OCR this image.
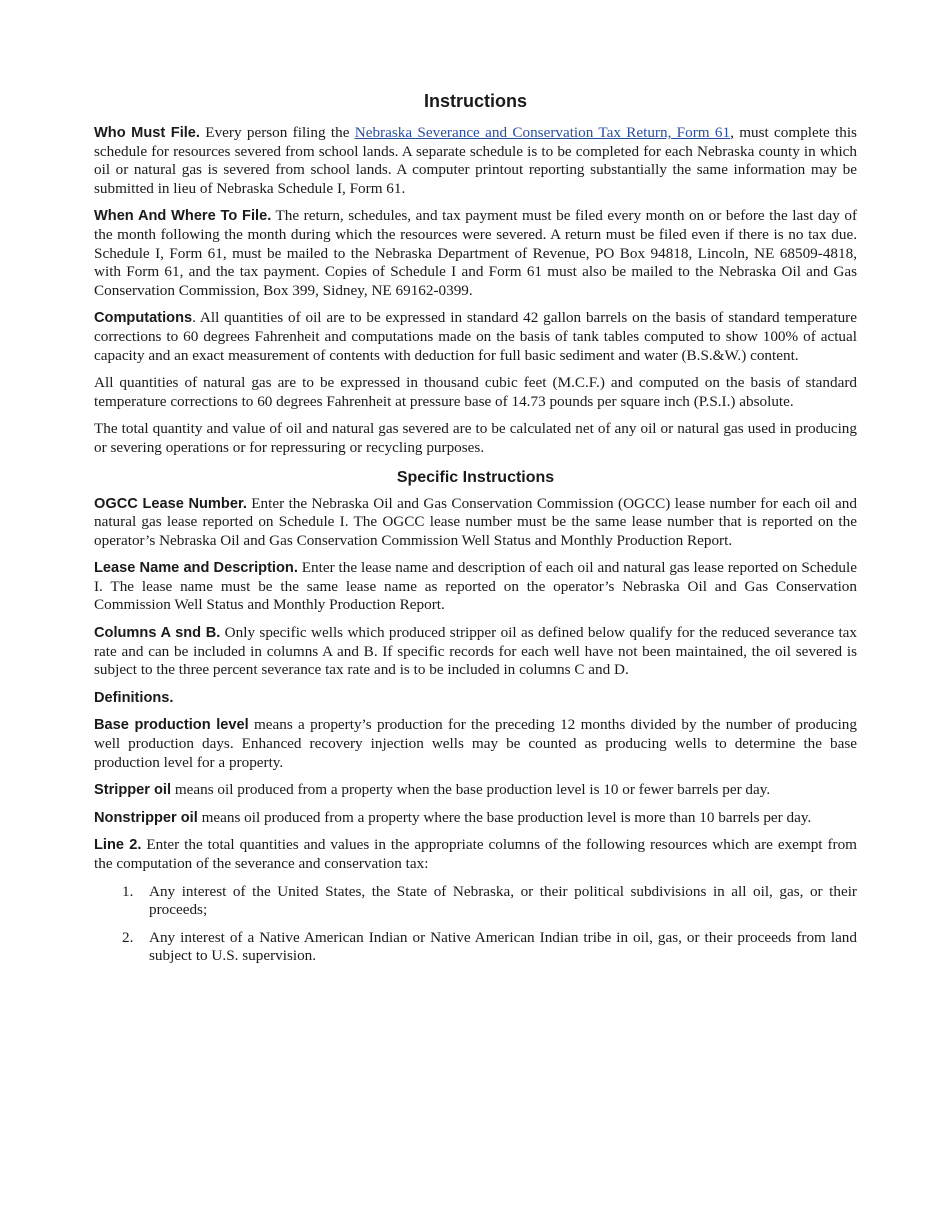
Instructions

Who Must File. Every person filing the Nebraska Severance and Conservation Tax Return, Form 61, must complete this schedule for resources severed from school lands. A separate schedule is to be completed for each Nebraska county in which oil or natural gas is severed from school lands. A computer printout reporting substantially the same information may be submitted in lieu of Nebraska Schedule I, Form 61.

When And Where To File. The return, schedules, and tax payment must be filed every month on or before the last day of the month following the month during which the resources were severed. A return must be filed even if there is no tax due. Schedule I, Form 61, must be mailed to the Nebraska Department of Revenue, PO Box 94818, Lincoln, NE 68509-4818, with Form 61, and the tax payment. Copies of Schedule I and Form 61 must also be mailed to the Nebraska Oil and Gas Conservation Commission, Box 399, Sidney, NE 69162-0399.

Computations. All quantities of oil are to be expressed in standard 42 gallon barrels on the basis of standard temperature corrections to 60 degrees Fahrenheit and computations made on the basis of tank tables computed to show 100% of actual capacity and an exact measurement of contents with deduction for full basic sediment and water (B.S.&W.) content.

All quantities of natural gas are to be expressed in thousand cubic feet (M.C.F.) and computed on the basis of standard temperature corrections to 60 degrees Fahrenheit at pressure base of 14.73 pounds per square inch (P.S.I.) absolute.

The total quantity and value of oil and natural gas severed are to be calculated net of any oil or natural gas used in producing or severing operations or for repressuring or recycling purposes.

Specific Instructions

OGCC Lease Number. Enter the Nebraska Oil and Gas Conservation Commission (OGCC) lease number for each oil and natural gas lease reported on Schedule I. The OGCC lease number must be the same lease number that is reported on the operator’s Nebraska Oil and Gas Conservation Commission Well Status and Monthly Production Report.

Lease Name and Description. Enter the lease name and description of each oil and natural gas lease reported on Schedule I. The lease name must be the same lease name as reported on the operator’s Nebraska Oil and Gas Conservation Commission Well Status and Monthly Production Report.

Columns A snd B. Only specific wells which produced stripper oil as defined below qualify for the reduced severance tax rate and can be included in columns A and B. If specific records for each well have not been maintained, the oil severed is subject to the three percent severance tax rate and is to be included in columns C and D.

Definitions.

Base production level means a property’s production for the preceding 12 months divided by the number of producing well production days. Enhanced recovery injection wells may be counted as producing wells to determine the base production level for a property.

Stripper oil means oil produced from a property when the base production level is 10 or fewer barrels per day.

Nonstripper oil means oil produced from a property where the base production level is more than 10 barrels per day.

Line 2. Enter the total quantities and values in the appropriate columns of the following resources which are exempt from the computation of the severance and conservation tax:

1. Any interest of the United States, the State of Nebraska, or their political subdivisions in all oil, gas, or their proceeds;
2. Any interest of a Native American Indian or Native American Indian tribe in oil, gas, or their proceeds from land subject to U.S. supervision.
